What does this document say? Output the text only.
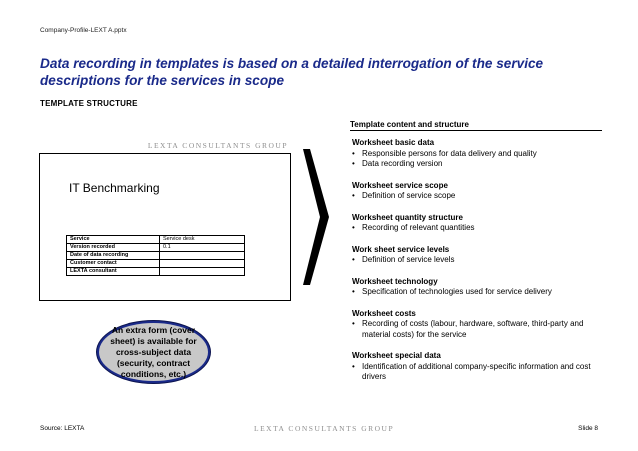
Company-Profile-LEXT A.pptx
Data recording in templates is based on a detailed interrogation of the service descriptions for the services in scope
TEMPLATE STRUCTURE
LEXTA CONSULTANTS GROUP
IT Benchmarking
Service	Service desk
Version recorded	0.1
Date of data recording	
Customer contact	
LEXTA consultant	
An extra form (cover sheet) is available for cross-subject data (security, contract conditions, etc.)
Template content and structure
Worksheet basic data
• Responsible persons for data delivery and quality
• Data recording version
Worksheet service scope
• Definition of service scope
Worksheet quantity structure
• Recording of relevant quantities
Work sheet service levels
• Definition of service levels
Worksheet technology
• Specification of technologies used for service delivery
Worksheet costs
• Recording of costs (labour, hardware, software, third-party and material costs) for the service
Worksheet special data
• Identification of additional company-specific information and cost drivers
Source: LEXTA	LEXTA CONSULTANTS GROUP	Slide 8
